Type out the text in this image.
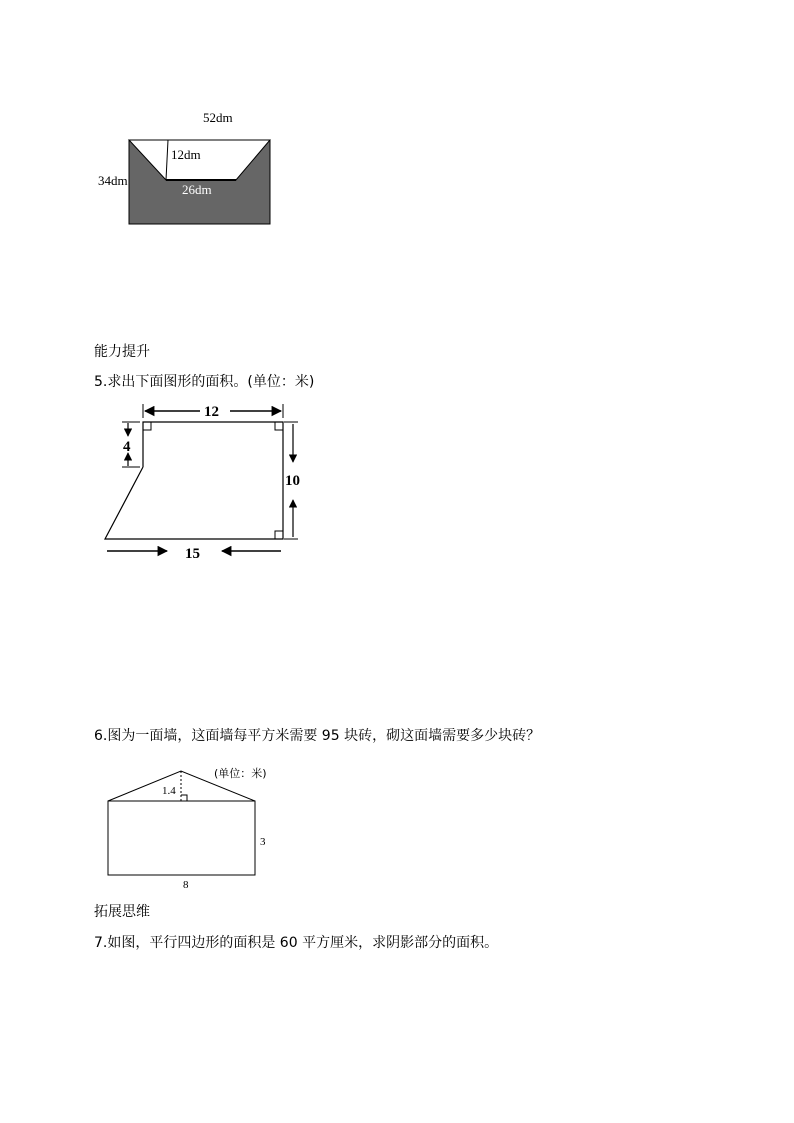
52dm
34dm
12dm
26dm
能力提升
5.求出下面图形的面积。(单位：米)
12
4
10
15
6.图为一面墙，这面墙每平方米需要 95 块砖，砌这面墙需要多少块砖？
(单位：米)
1.4
3
8
拓展思维
7.如图，平行四边形的面积是 60 平方厘米，求阴影部分的面积。
